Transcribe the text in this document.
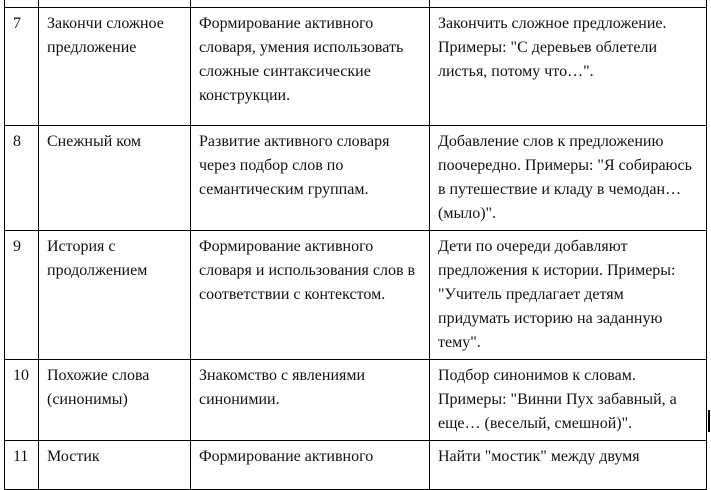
7	Закончи сложное предложение	Формирование активного словаря, умения использовать сложные синтаксические конструкции.	Закончить сложное предложение. Примеры: "С деревьев облетели листья, потому что…".
8	Снежный ком	Развитие активного словаря через подбор слов по семантическим группам.	Добавление слов к предложению поочередно. Примеры: "Я собираюсь в путешествие и кладу в чемодан… (мыло)".
9	История с продолжением	Формирование активного словаря и использования слов в соответствии с контекстом.	Дети по очереди добавляют предложения к истории. Примеры: "Учитель предлагает детям придумать историю на заданную тему".
10	Похожие слова (синонимы)	Знакомство с явлениями синонимии.	Подбор синонимов к словам. Примеры: "Винни Пух забавный, а еще… (веселый, смешной)".
11	Мостик	Формирование активного	Найти "мостик" между двумя
